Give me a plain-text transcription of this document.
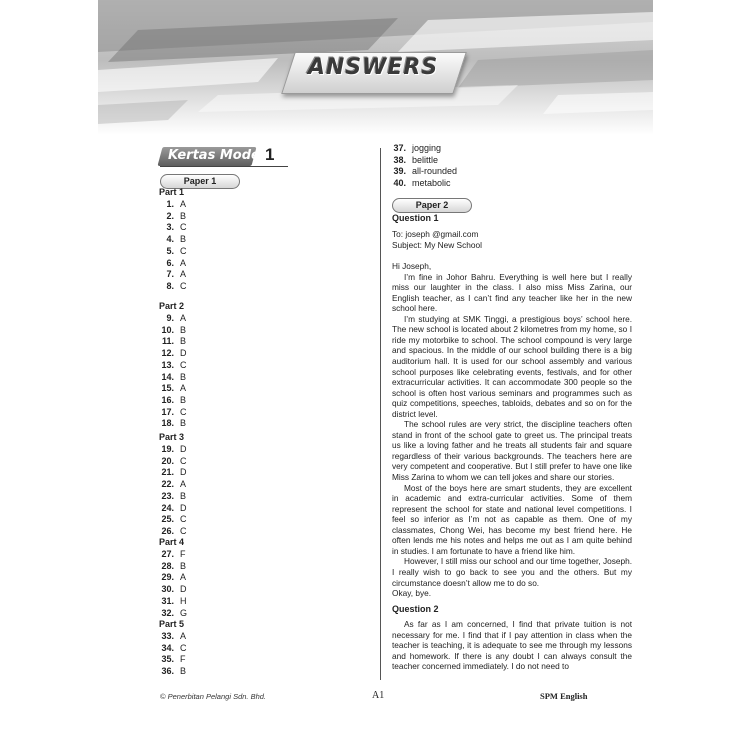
ANSWERS
Kertas Model 1
Paper 1
Part 1
1. A
2. B
3. C
4. B
5. C
6. A
7. A
8. C
Part 2
9. A
10. B
11. B
12. D
13. C
14. B
15. A
16. B
17. C
18. B
Part 3
19. D
20. C
21. D
22. A
23. B
24. D
25. C
26. C
Part 4
27. F
28. B
29. A
30. D
31. H
32. G
Part 5
33. A
34. C
35. F
36. B
37. jogging
38. belittle
39. all-rounded
40. metabolic
Paper 2
Question 1

To: joseph @gmail.com

Subject: My New School

Hi Joseph,

I’m fine in Johor Bahru. Everything is well here but I really miss our laughter in the class. I also miss Miss Zarina, our English teacher, as I can’t find any teacher like her in the new school here.

I’m studying at SMK Tinggi, a prestigious boys’ school here. The new school is located about 2 kilometres from my home, so I ride my motorbike to school. The school compound is very large and spacious. In the middle of our school building there is a big auditorium hall. It is used for our school assembly and various school purposes like celebrating events, festivals, and for other extracurricular activities. It can accommodate 300 people so the school is often host various seminars and programmes such as quiz competitions, speeches, tabloids, debates and so on for the district level.

The school rules are very strict, the discipline teachers often stand in front of the school gate to greet us. The principal treats us like a loving father and he treats all students fair and square regardless of their various backgrounds. The teachers here are very competent and cooperative. But I still prefer to have one like Miss Zarina to whom we can tell jokes and share our stories.

Most of the boys here are smart students, they are excellent in academic and extra-curricular activities. Some of them represent the school for state and national level competitions. I feel so inferior as I’m not as capable as them. One of my classmates, Chong Wei, has become my best friend here. He often lends me his notes and helps me out as I am quite behind in studies. I am fortunate to have a friend like him.

However, I still miss our school and our time together, Joseph. I really wish to go back to see you and the others. But my circumstance doesn’t allow me to do so.

Okay, bye.

Question 2

As far as I am concerned, I find that private tuition is not necessary for me. I find that if I pay attention in class when the teacher is teaching, it is adequate to see me through my lessons and homework. If there is any doubt I can always consult the teacher concerned immediately. I do not need to

© Penerbitan Pelangi Sdn. Bhd.	A1	SPM English
